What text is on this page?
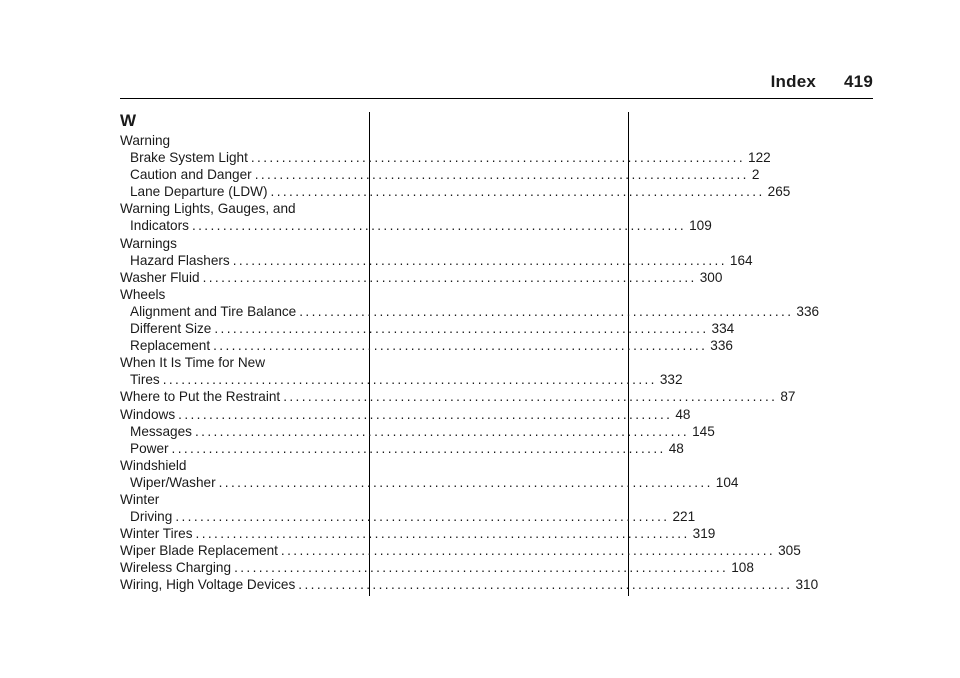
Index 419
W
Warning
Brake System Light ................................................................................ 122
Caution and Danger ................................................................................ 2
Lane Departure (LDW) ................................................................................ 265
Warning Lights, Gauges, and
Indicators ................................................................................ 109
Warnings
Hazard Flashers ................................................................................ 164
Washer Fluid ................................................................................ 300
Wheels
Alignment and Tire Balance ................................................................................ 336
Different Size ................................................................................ 334
Replacement ................................................................................ 336
When It Is Time for New
Tires ................................................................................ 332
Where to Put the Restraint ................................................................................ 87
Windows ................................................................................ 48
Messages ................................................................................ 145
Power ................................................................................ 48
Windshield
Wiper/Washer ................................................................................ 104
Winter
Driving ................................................................................ 221
Winter Tires ................................................................................ 319
Wiper Blade Replacement ................................................................................ 305
Wireless Charging ................................................................................ 108
Wiring, High Voltage Devices ................................................................................ 310
